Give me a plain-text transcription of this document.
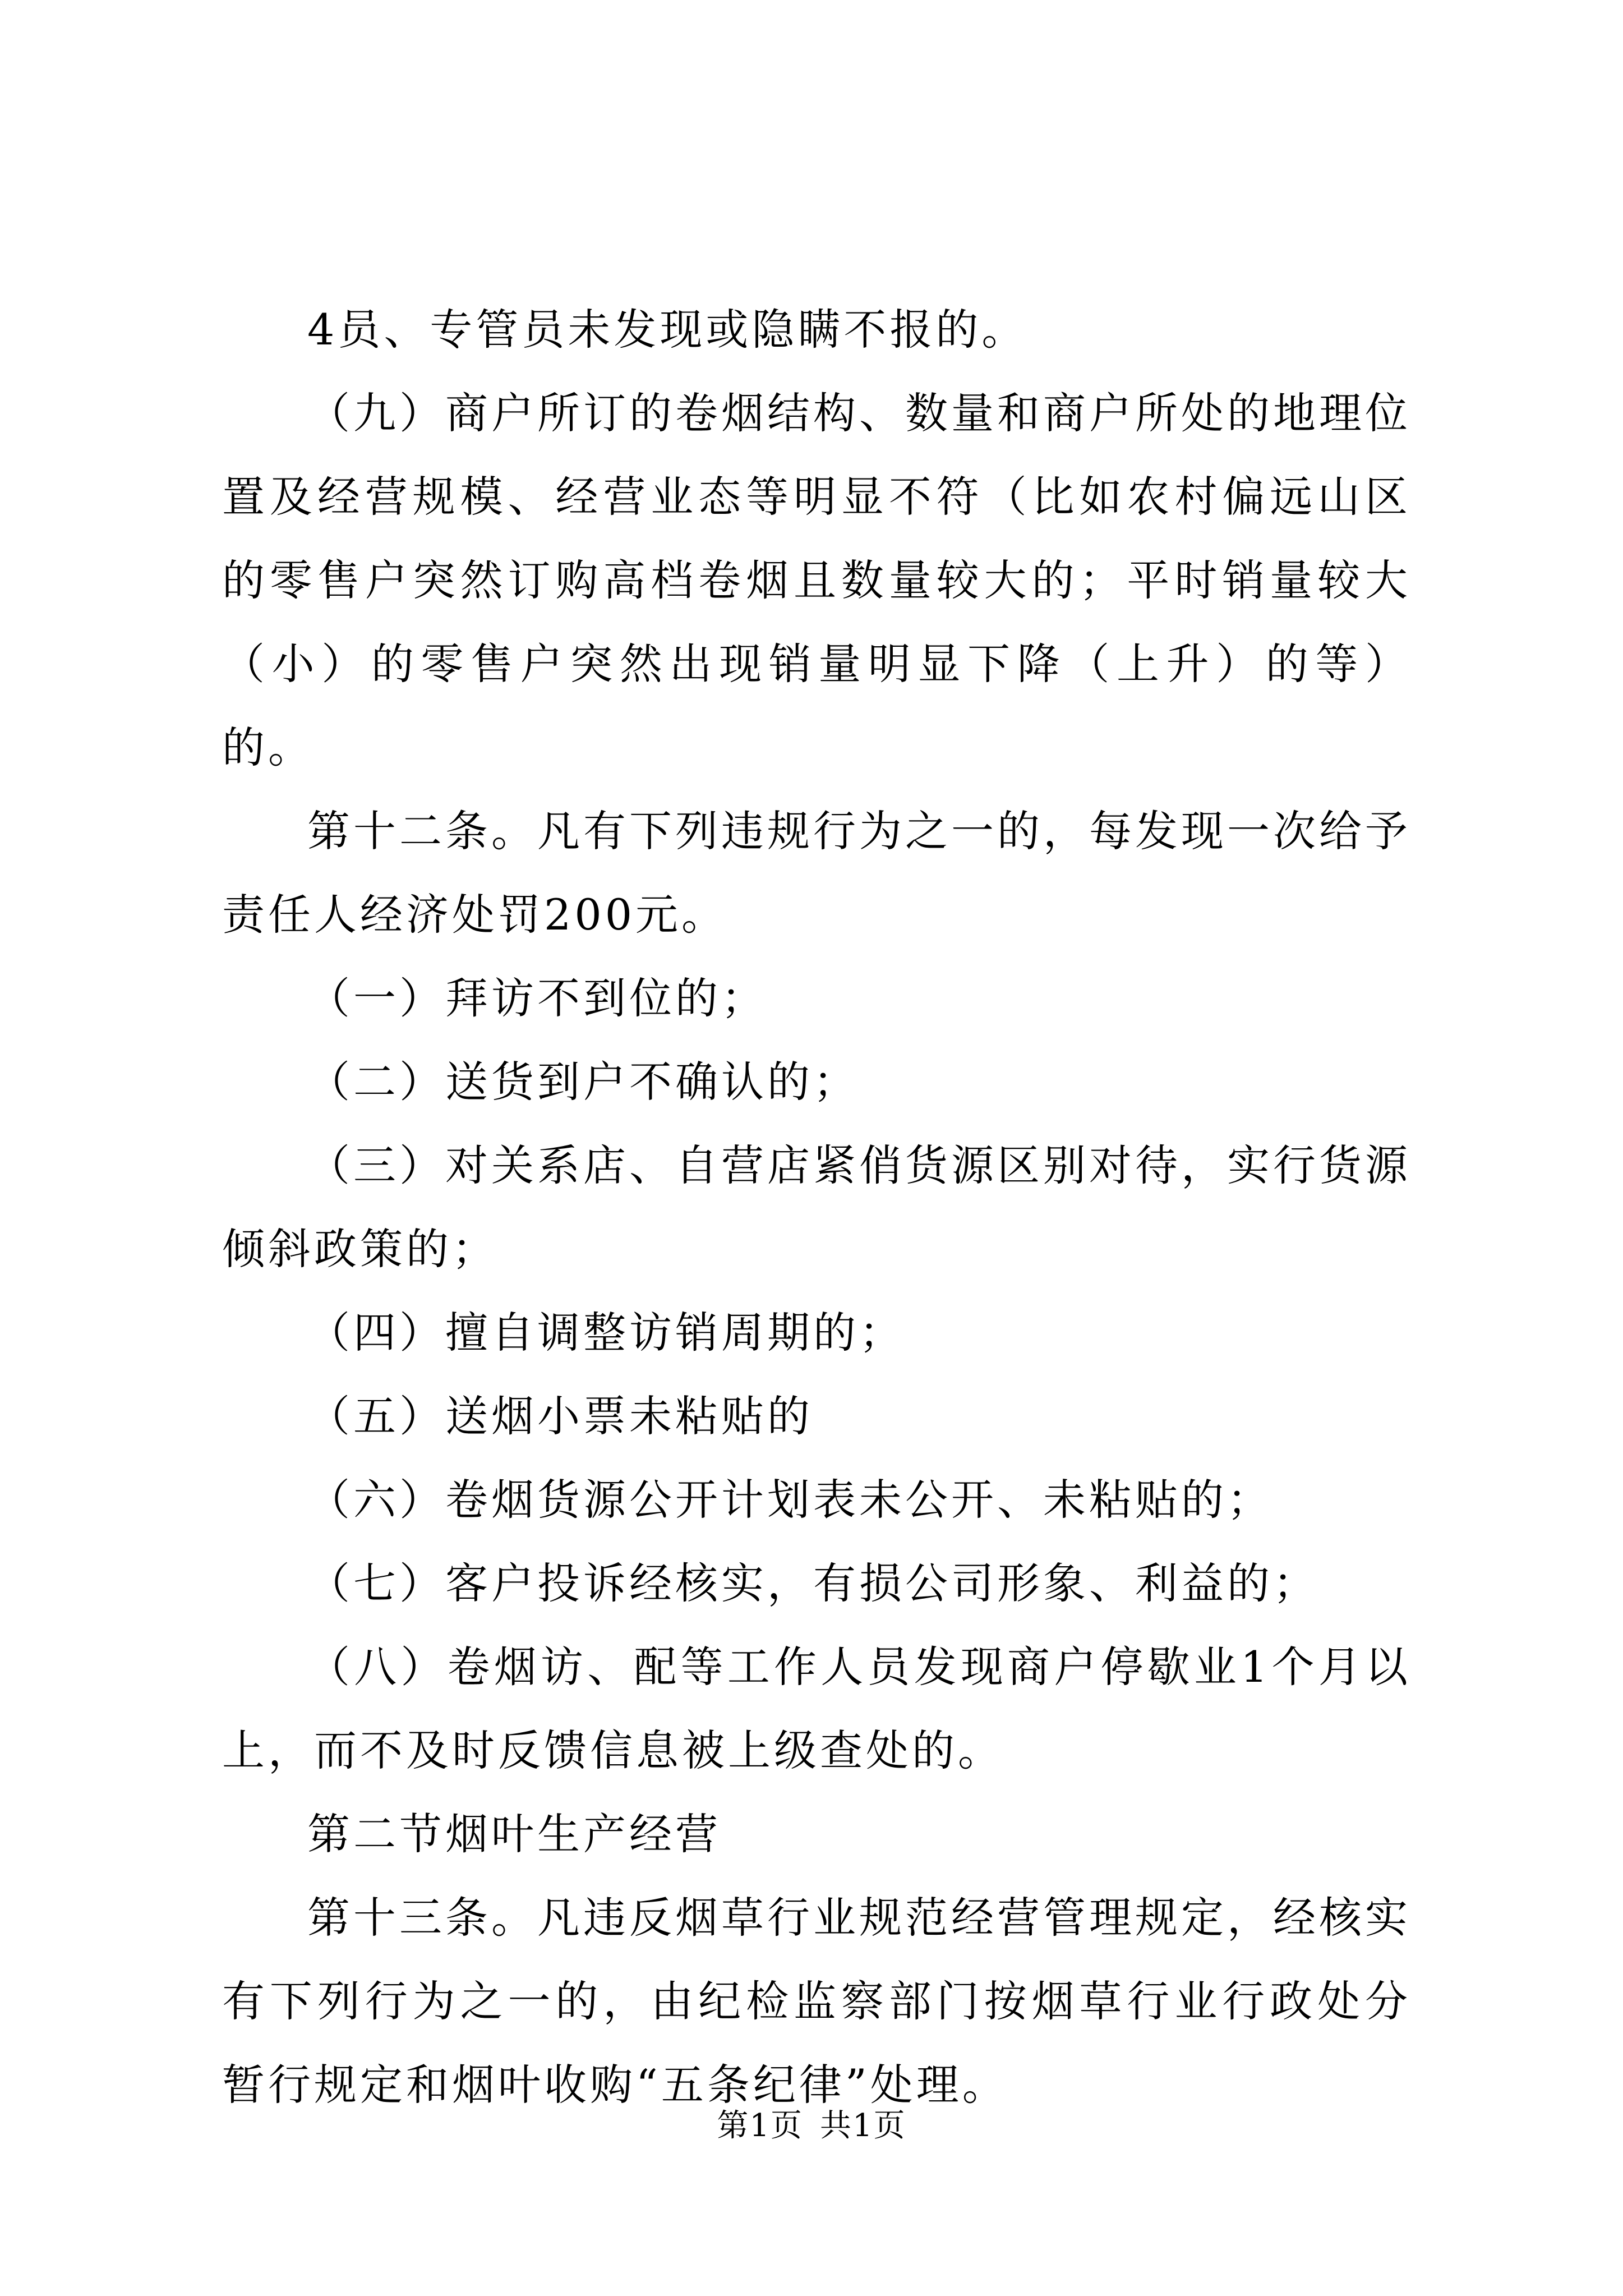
4员、专管员未发现或隐瞒不报的。

（九）商户所订的卷烟结构、数量和商户所处的地理位置及经营规模、经营业态等明显不符（比如农村偏远山区的零售户突然订购高档卷烟且数量较大的；平时销量较大（小）的零售户突然出现销量明显下降（上升）的等）的。

第十二条。凡有下列违规行为之一的，每发现一次给予责任人经济处罚200元。

（一）拜访不到位的；

（二）送货到户不确认的；

（三）对关系店、自营店紧俏货源区别对待，实行货源倾斜政策的；

（四）擅自调整访销周期的；

（五）送烟小票未粘贴的

（六）卷烟货源公开计划表未公开、未粘贴的；

（七）客户投诉经核实，有损公司形象、利益的；

（八）卷烟访、配等工作人员发现商户停歇业1个月以上，而不及时反馈信息被上级查处的。

第二节烟叶生产经营

第十三条。凡违反烟草行业规范经营管理规定，经核实有下列行为之一的，由纪检监察部门按烟草行业行政处分暂行规定和烟叶收购“五条纪律”处理。

第1页 共1页
